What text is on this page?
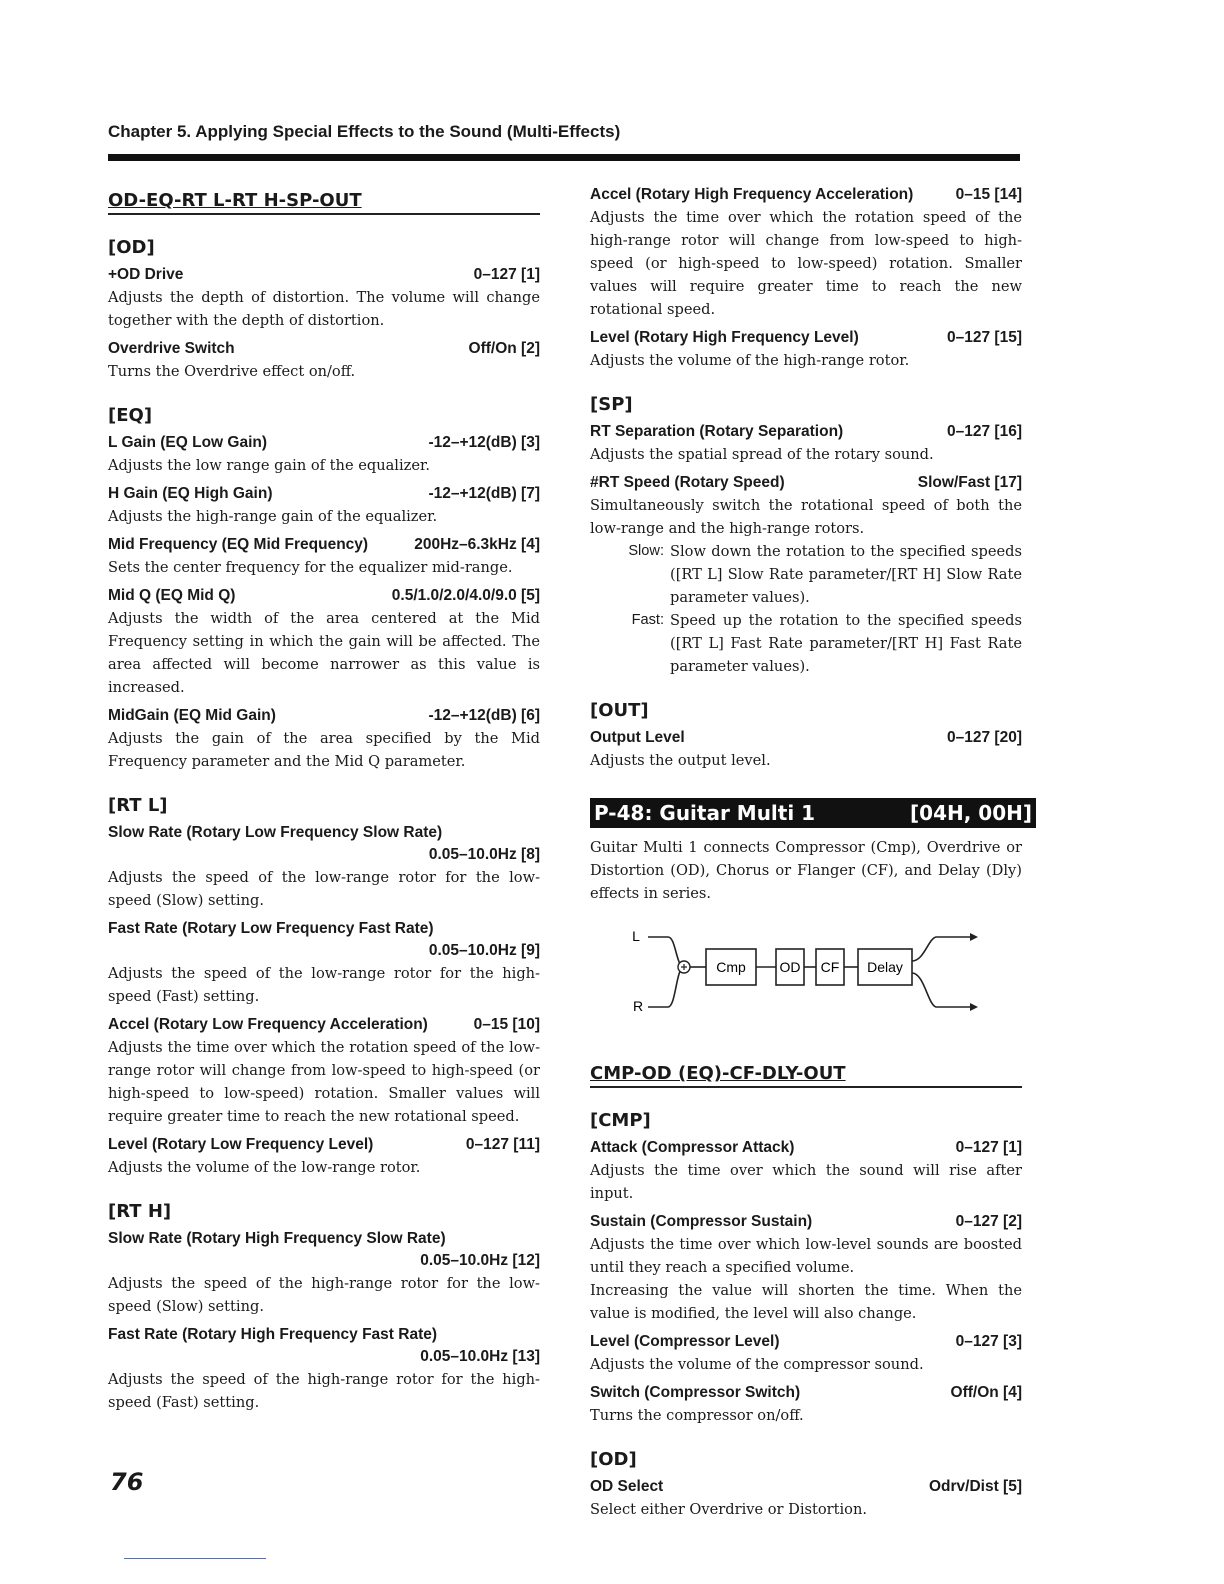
Chapter 5. Applying Special Effects to the Sound (Multi-Effects)
OD-EQ-RT L-RT H-SP-OUT
[OD]
+OD Drive	0–127 [1]
Adjusts the depth of distortion. The volume will change together with the depth of distortion.
Overdrive Switch	Off/On [2]
Turns the Overdrive effect on/off.
[EQ]
L Gain (EQ Low Gain)	-12–+12(dB) [3]
Adjusts the low range gain of the equalizer.
H Gain (EQ High Gain)	-12–+12(dB) [7]
Adjusts the high-range gain of the equalizer.
Mid Frequency (EQ Mid Frequency)	200Hz–6.3kHz [4]
Sets the center frequency for the equalizer mid-range.
Mid Q (EQ Mid Q)	0.5/1.0/2.0/4.0/9.0 [5]
Adjusts the width of the area centered at the Mid Frequency setting in which the gain will be affected. The area affected will become narrower as this value is increased.
MidGain (EQ Mid Gain)	-12–+12(dB) [6]
Adjusts the gain of the area specified by the Mid Frequency parameter and the Mid Q parameter.
[RT L]
Slow Rate (Rotary Low Frequency Slow Rate)
0.05–10.0Hz [8]
Adjusts the speed of the low-range rotor for the low-speed (Slow) setting.
Fast Rate (Rotary Low Frequency Fast Rate)
0.05–10.0Hz [9]
Adjusts the speed of the low-range rotor for the high-speed (Fast) setting.
Accel (Rotary Low Frequency Acceleration)	0–15 [10]
Adjusts the time over which the rotation speed of the low-range rotor will change from low-speed to high-speed (or high-speed to low-speed) rotation. Smaller values will require greater time to reach the new rotational speed.
Level (Rotary Low Frequency Level)	0–127 [11]
Adjusts the volume of the low-range rotor.
[RT H]
Slow Rate (Rotary High Frequency Slow Rate)
0.05–10.0Hz [12]
Adjusts the speed of the high-range rotor for the low-speed (Slow) setting.
Fast Rate (Rotary High Frequency Fast Rate)
0.05–10.0Hz [13]
Adjusts the speed of the high-range rotor for the high-speed (Fast) setting.
Accel (Rotary High Frequency Acceleration)	0–15 [14]
Adjusts the time over which the rotation speed of the high-range rotor will change from low-speed to high-speed (or high-speed to low-speed) rotation. Smaller values will require greater time to reach the new rotational speed.
Level (Rotary High Frequency Level)	0–127 [15]
Adjusts the volume of the high-range rotor.
[SP]
RT Separation (Rotary Separation)	0–127 [16]
Adjusts the spatial spread of the rotary sound.
#RT Speed (Rotary Speed)	Slow/Fast [17]
Simultaneously switch the rotational speed of both the low-range and the high-range rotors.
Slow: Slow down the rotation to the specified speeds ([RT L] Slow Rate parameter/[RT H] Slow Rate parameter values).
Fast: Speed up the rotation to the specified speeds ([RT L] Fast Rate parameter/[RT H] Fast Rate parameter values).
[OUT]
Output Level	0–127 [20]
Adjusts the output level.
P-48: Guitar Multi 1	[04H, 00H]
Guitar Multi 1 connects Compressor (Cmp), Overdrive or Distortion (OD), Chorus or Flanger (CF), and Delay (Dly) effects in series.
L
R
Cmp OD CF Delay
CMP-OD (EQ)-CF-DLY-OUT
[CMP]
Attack (Compressor Attack)	0–127 [1]
Adjusts the time over which the sound will rise after input.
Sustain (Compressor Sustain)	0–127 [2]
Adjusts the time over which low-level sounds are boosted until they reach a specified volume.
Increasing the value will shorten the time. When the value is modified, the level will also change.
Level (Compressor Level)	0–127 [3]
Adjusts the volume of the compressor sound.
Switch (Compressor Switch)	Off/On [4]
Turns the compressor on/off.
[OD]
OD Select	Odrv/Dist [5]
Select either Overdrive or Distortion.
76
